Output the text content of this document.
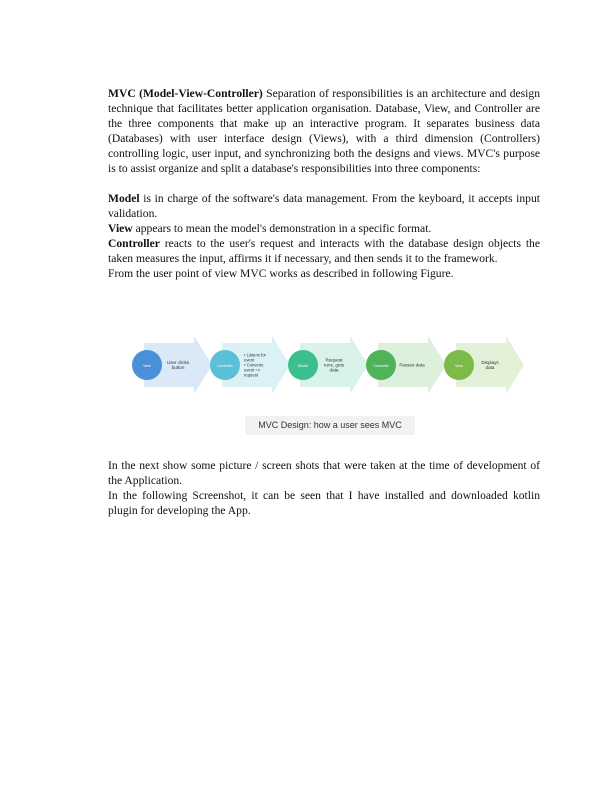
MVC (Model-View-Controller) Separation of responsibilities is an architecture and design technique that facilitates better application organisation. Database, View, and Controller are the three components that make up an interactive program. It separates business data (Databases) with user interface design (Views), with a third dimension (Controllers) controlling logic, user input, and synchronizing both the designs and views. MVC's purpose is to assist organize and split a database's responsibilities into three components:

Model is in charge of the software's data management. From the keyboard, it accepts input validation.

View appears to mean the model's demonstration in a specific format.

Controller reacts to the user's request and interacts with the database design objects the taken measures the input, affirms it if necessary, and then sends it to the framework.

From the user point of view MVC works as described in following Figure.

View
User clicks
button	Controller
• Listens for
event
• Converts
event =>
request
Model
Request
runs, gets
data
Controller Passes data	View
Displays
data
MVC Design: how a user sees MVC

In the next show some picture / screen shots that were taken at the time of development of the Application.

In the following Screenshot, it can be seen that I have installed and downloaded kotlin plugin for developing the App.
